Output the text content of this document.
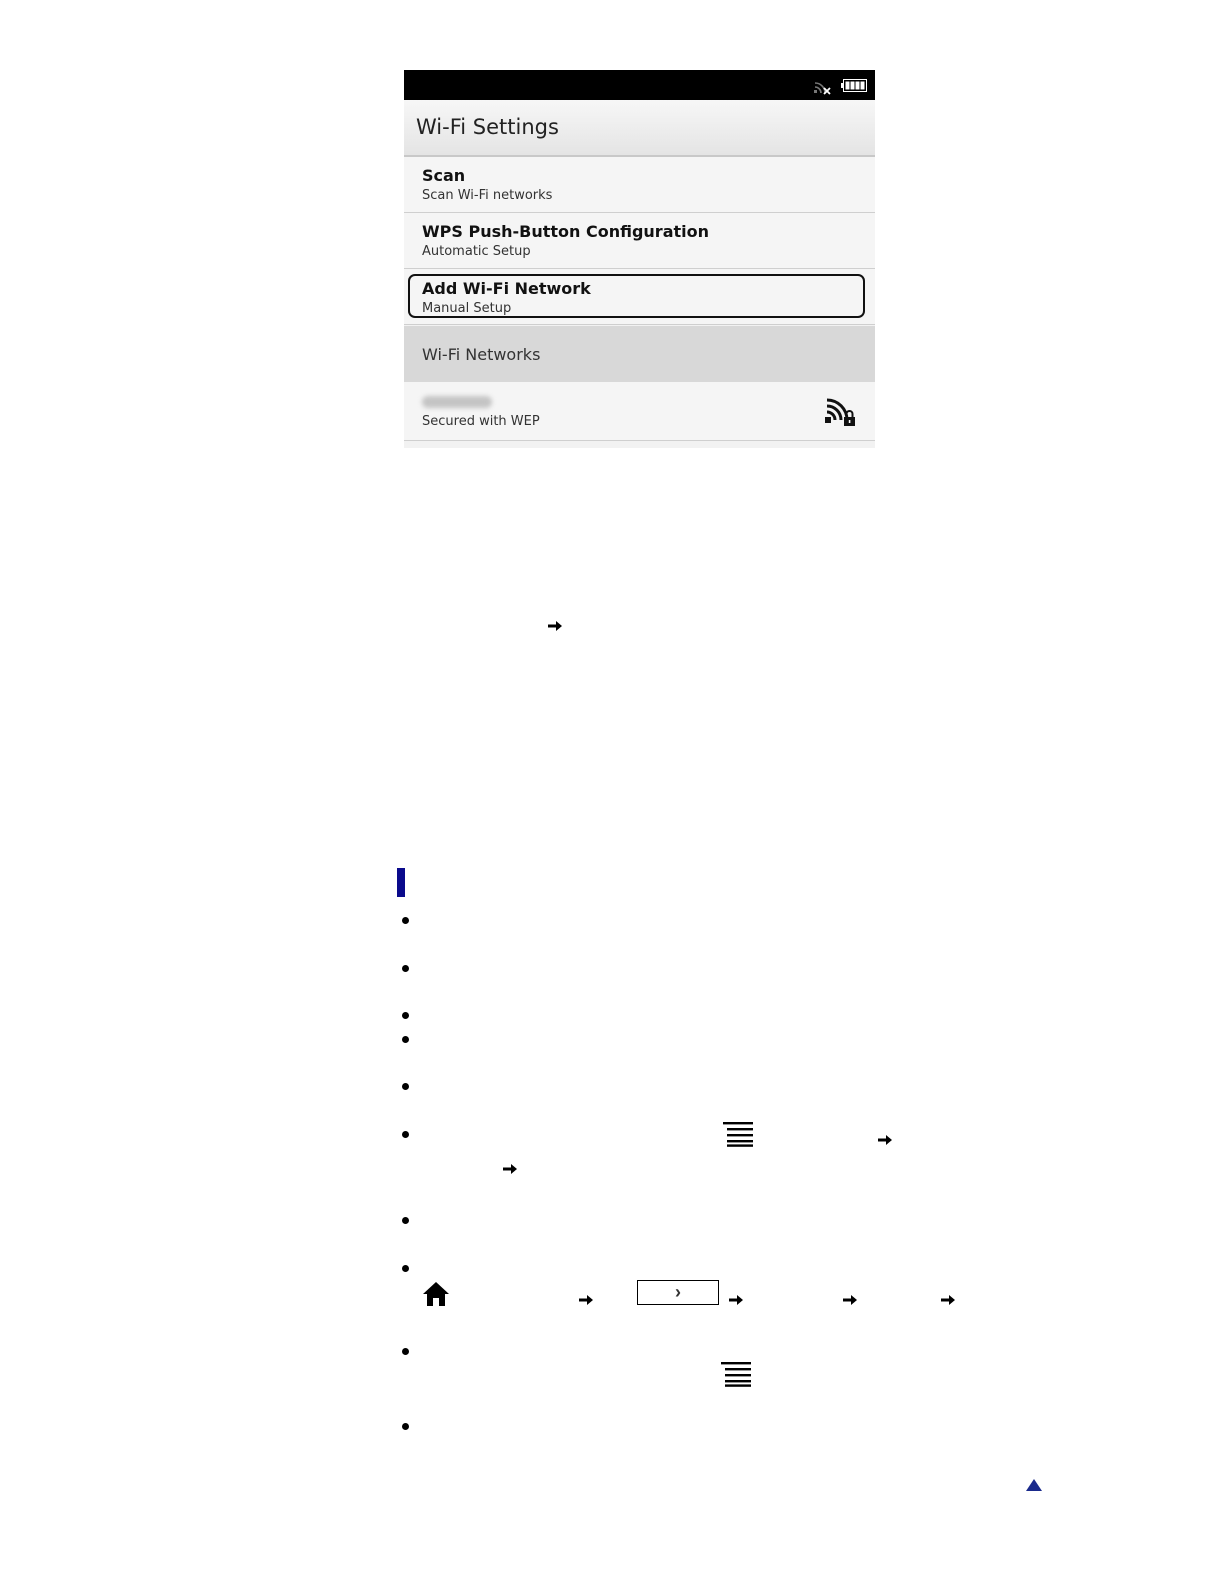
Wi-Fi Settings
Scan
Scan Wi-Fi networks
WPS Push-Button Configuration
Automatic Setup
Add Wi-Fi Network
Manual Setup
Wi-Fi Networks
Secured with WEP
›
